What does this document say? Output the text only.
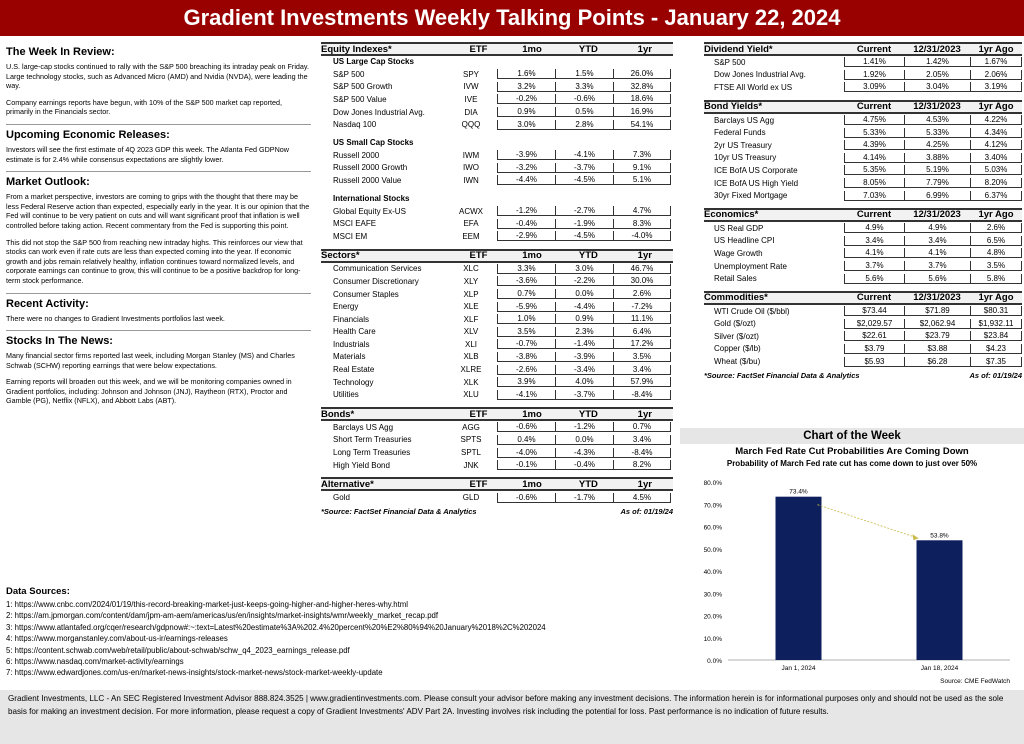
Gradient Investments Weekly Talking Points - January 22, 2024
The Week In Review:
U.S. large-cap stocks continued to rally with the S&P 500 breaching its intraday peak on Friday. Large technology stocks, such as Advanced Micro (AMD) and Nvidia (NVDA), were leading the way.
Company earnings reports have begun, with 10% of the S&P 500 market cap reported, primarily in the Financials sector.
Upcoming Economic Releases:
Investors will see the first estimate of 4Q 2023 GDP this week. The Atlanta Fed GDPNow estimate is for 2.4% while consensus expectations are slightly lower.
Market Outlook:
From a market perspective, investors are coming to grips with the thought that there may be less Federal Reserve action than expected, especially early in the year. It is our opinion that the Fed will continue to be very patient on cuts and will want significant proof that inflation is well controlled before taking action. Recent commentary from the Fed is supporting this point.
This did not stop the S&P 500 from reaching new intraday highs. This reinforces our view that stocks can work even if rate cuts are less than expected coming into the year. If economic growth and jobs remain relatively healthy, inflation continues toward normalized levels, and corporate earnings can continue to grow, this will continue to be a positive backdrop for long-term stock performance.
Recent Activity:
There were no changes to Gradient Investments portfolios last week.
Stocks In The News:
Many financial sector firms reported last week, including Morgan Stanley (MS) and Charles Schwab (SCHW) reporting earnings that were below expectations.
Earning reports will broaden out this week, and we will be monitoring companies owned in Gradient portfolios, including: Johnson and Johnson (JNJ), Raytheon (RTX), Proctor and Gamble (PG), Netflix (NFLX), and Abbott Labs (ABT).
Equity Indexes*	ETF	1mo	YTD	1yr
US Large Cap Stocks
S&P 500	SPY	1.6%	1.5%	26.0%
S&P 500 Growth	IVW	3.2%	3.3%	32.8%
S&P 500 Value	IVE	-0.2%	-0.6%	18.6%
Dow Jones Industrial Avg.	DIA	0.9%	0.5%	16.9%
Nasdaq 100	QQQ	3.0%	2.8%	54.1%
US Small Cap Stocks
Russell 2000	IWM	-3.9%	-4.1%	7.3%
Russell 2000 Growth	IWO	-3.2%	-3.7%	9.1%
Russell 2000 Value	IWN	-4.4%	-4.5%	5.1%
International Stocks
Global Equity Ex-US	ACWX	-1.2%	-2.7%	4.7%
MSCI EAFE	EFA	-0.4%	-1.9%	8.3%
MSCI EM	EEM	-2.9%	-4.5%	-4.0%
Sectors*	ETF	1mo	YTD	1yr
Communication Services	XLC	3.3%	3.0%	46.7%
Consumer Discretionary	XLY	-3.6%	-2.2%	30.0%
Consumer Staples	XLP	0.7%	0.0%	2.6%
Energy	XLE	-5.9%	-4.4%	-7.2%
Financials	XLF	1.0%	0.9%	11.1%
Health Care	XLV	3.5%	2.3%	6.4%
Industrials	XLI	-0.7%	-1.4%	17.2%
Materials	XLB	-3.8%	-3.9%	3.5%
Real Estate	XLRE	-2.6%	-3.4%	3.4%
Technology	XLK	3.9%	4.0%	57.9%
Utilities	XLU	-4.1%	-3.7%	-8.4%
Bonds*	ETF	1mo	YTD	1yr
Barclays US Agg	AGG	-0.6%	-1.2%	0.7%
Short Term Treasuries	SPTS	0.4%	0.0%	3.4%
Long Term Treasuries	SPTL	-4.0%	-4.3%	-8.4%
High Yield Bond	JNK	-0.1%	-0.4%	8.2%
Alternative*	ETF	1mo	YTD	1yr
Gold	GLD	-0.6%	-1.7%	4.5%
*Source: FactSet Financial Data & Analytics	As of: 01/19/24
Dividend Yield*	Current	12/31/2023	1yr Ago
S&P 500	1.41%	1.42%	1.67%
Dow Jones Industrial Avg.	1.92%	2.05%	2.06%
FTSE All World ex US	3.09%	3.04%	3.19%
Bond Yields*	Current	12/31/2023	1yr Ago
Barclays US Agg	4.75%	4.53%	4.22%
Federal Funds	5.33%	5.33%	4.34%
2yr US Treasury	4.39%	4.25%	4.12%
10yr US Treasury	4.14%	3.88%	3.40%
ICE BofA US Corporate	5.35%	5.19%	5.03%
ICE BofA US High Yield	8.05%	7.79%	8.20%
30yr Fixed Mortgage	7.03%	6.99%	6.37%
Economics*	Current	12/31/2023	1yr Ago
US Real GDP	4.9%	4.9%	2.6%
US Headline CPI	3.4%	3.4%	6.5%
Wage Growth	4.1%	4.1%	4.8%
Unemployment Rate	3.7%	3.7%	3.5%
Retail Sales	5.6%	5.6%	5.8%
Commodities*	Current	12/31/2023	1yr Ago
WTI Crude Oil ($/bbl)	$73.44	$71.89	$80.31
Gold ($/ozt)	$2,029.57	$2,062.94	$1,932.11
Silver ($/ozt)	$22.61	$23.79	$23.84
Copper ($/lb)	$3.79	$3.88	$4.23
Wheat ($/bu)	$5.93	$6.28	$7.35
*Source: FactSet Financial Data & Analytics	As of: 01/19/24
Chart of the Week
March Fed Rate Cut Probabilities Are Coming Down
Probability of March Fed rate cut has come down to just over 50%
0.0%
10.0%
20.0%
30.0%
40.0%
50.0%
60.0%
70.0%
80.0%
73.4%
Jan 1, 2024
53.8%
Jan 18, 2024
Source: CME FedWatch
Data Sources:
1: https://www.cnbc.com/2024/01/19/this-record-breaking-market-just-keeps-going-higher-and-higher-heres-why.html
2: https://am.jpmorgan.com/content/dam/jpm-am-aem/americas/us/en/insights/market-insights/wmr/weekly_market_recap.pdf
3: https://www.atlantafed.org/cqer/research/gdpnow#:~:text=Latest%20estimate%3A%202.4%20percent%20%E2%80%94%20January%2018%2C%202024
4: https://www.morganstanley.com/about-us-ir/earnings-releases
5: https://content.schwab.com/web/retail/public/about-schwab/schw_q4_2023_earnings_release.pdf
6: https://www.nasdaq.com/market-activity/earnings
7: https://www.edwardjones.com/us-en/market-news-insights/stock-market-news/stock-market-weekly-update
Gradient Investments, LLC - An SEC Registered Investment Advisor 888.824.3525 | www.gradientinvestments.com. Please consult your advisor before making any investment decisions. The information herein is for informational purposes only and should not be used as the sole basis for making an investment decision. For more information, please request a copy of Gradient Investments' ADV Part 2A. Investing involves risk including the potential for loss. Past performance is no indication of future results.
